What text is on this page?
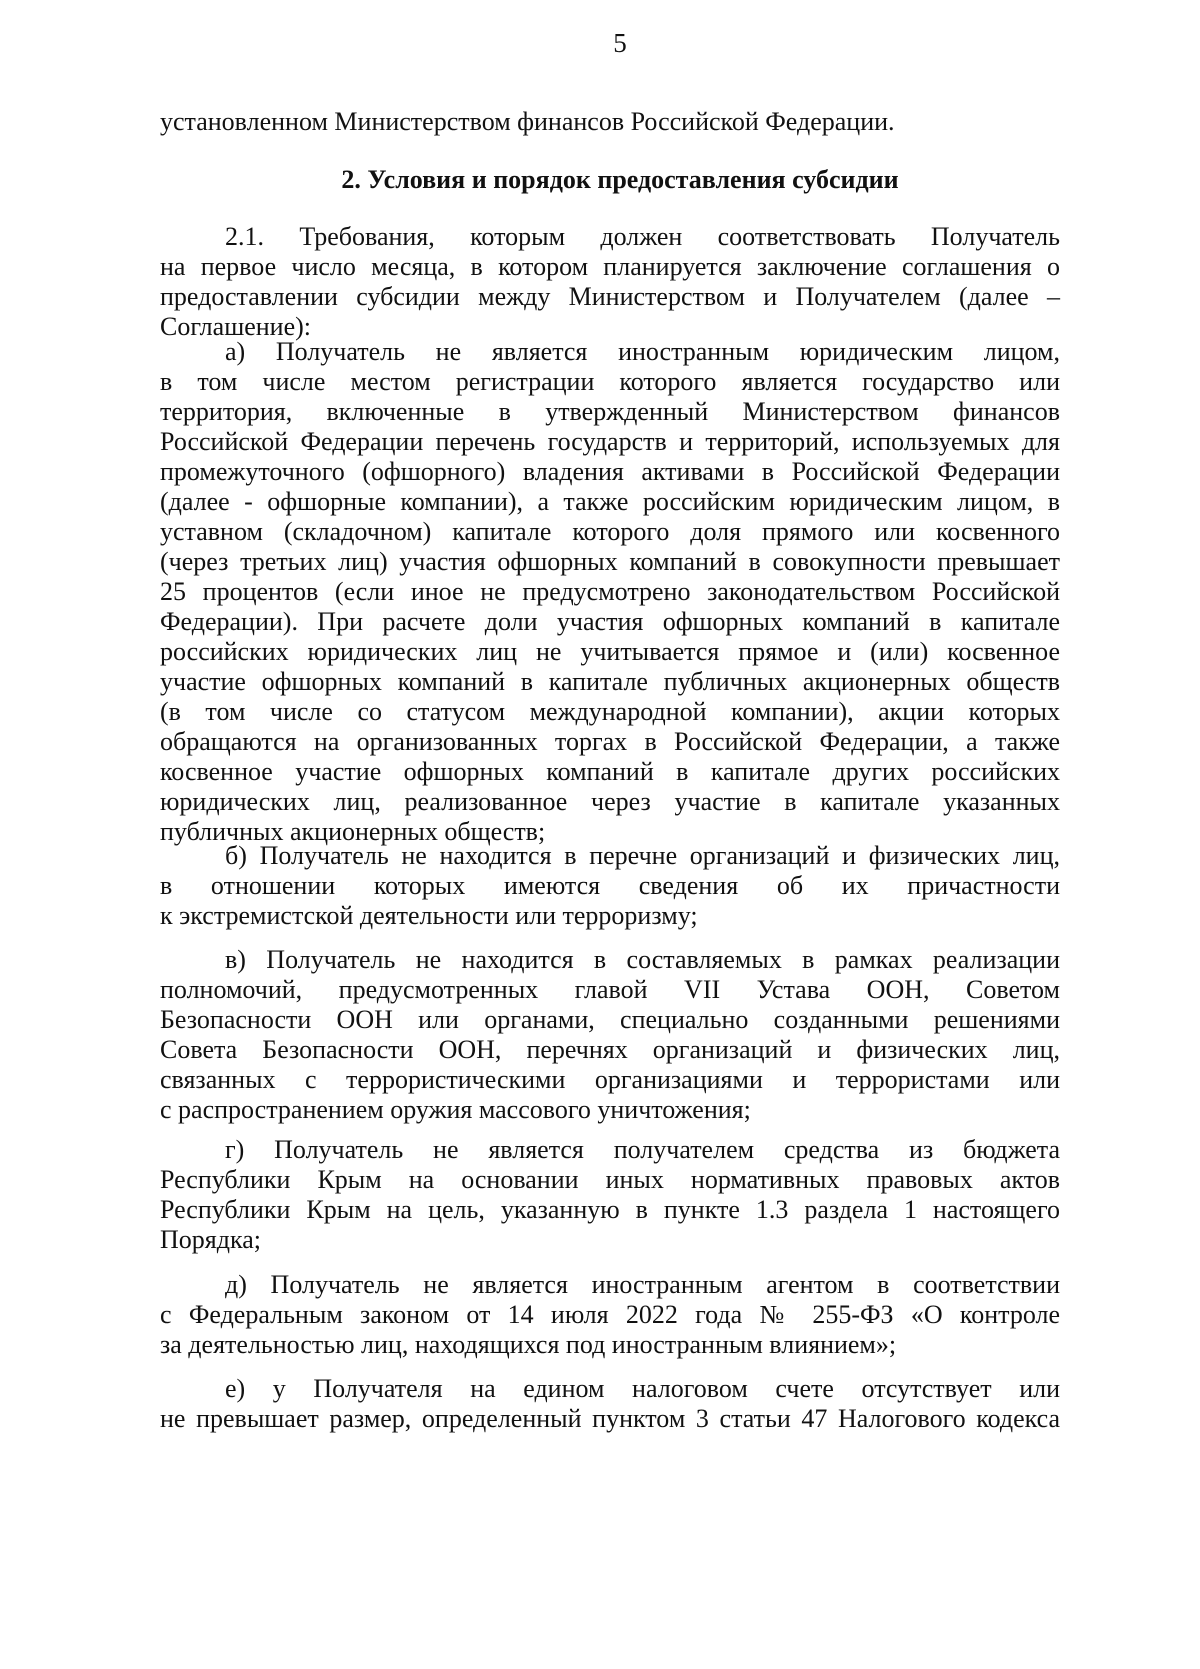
5
установленном Министерством финансов Российской Федерации.
2. Условия и порядок предоставления субсидии
2.1. Требования, которым должен соответствовать Получатель
на первое число месяца, в котором планируется заключение соглашения о
предоставлении субсидии между Министерством и Получателем (далее –
Соглашение):
а) Получатель не является иностранным юридическим лицом,
в том числе местом регистрации которого является государство или
территория, включенные в утвержденный Министерством финансов
Российской Федерации перечень государств и территорий, используемых для
промежуточного (офшорного) владения активами в Российской Федерации
(далее - офшорные компании), а также российским юридическим лицом, в
уставном (складочном) капитале которого доля прямого или косвенного
(через третьих лиц) участия офшорных компаний в совокупности превышает
25 процентов (если иное не предусмотрено законодательством Российской
Федерации). При расчете доли участия офшорных компаний в капитале
российских юридических лиц не учитывается прямое и (или) косвенное
участие офшорных компаний в капитале публичных акционерных обществ
(в том числе со статусом международной компании), акции которых
обращаются на организованных торгах в Российской Федерации, а также
косвенное участие офшорных компаний в капитале других российских
юридических лиц, реализованное через участие в капитале указанных
публичных акционерных обществ;
б) Получатель не находится в перечне организаций и физических лиц,
в отношении которых имеются сведения об их причастности
к экстремистской деятельности или терроризму;
в) Получатель не находится в составляемых в рамках реализации
полномочий, предусмотренных главой VII Устава ООН, Советом
Безопасности ООН или органами, специально созданными решениями
Совета Безопасности ООН, перечнях организаций и физических лиц,
связанных с террористическими организациями и террористами или
с распространением оружия массового уничтожения;
г) Получатель не является получателем средства из бюджета
Республики Крым на основании иных нормативных правовых актов
Республики Крым на цель, указанную в пункте 1.3 раздела 1 настоящего
Порядка;
д) Получатель не является иностранным агентом в соответствии
с Федеральным законом от 14 июля 2022 года № 255-ФЗ «О контроле
за деятельностью лиц, находящихся под иностранным влиянием»;
е) у Получателя на едином налоговом счете отсутствует или
не превышает размер, определенный пунктом 3 статьи 47 Налогового кодекса
